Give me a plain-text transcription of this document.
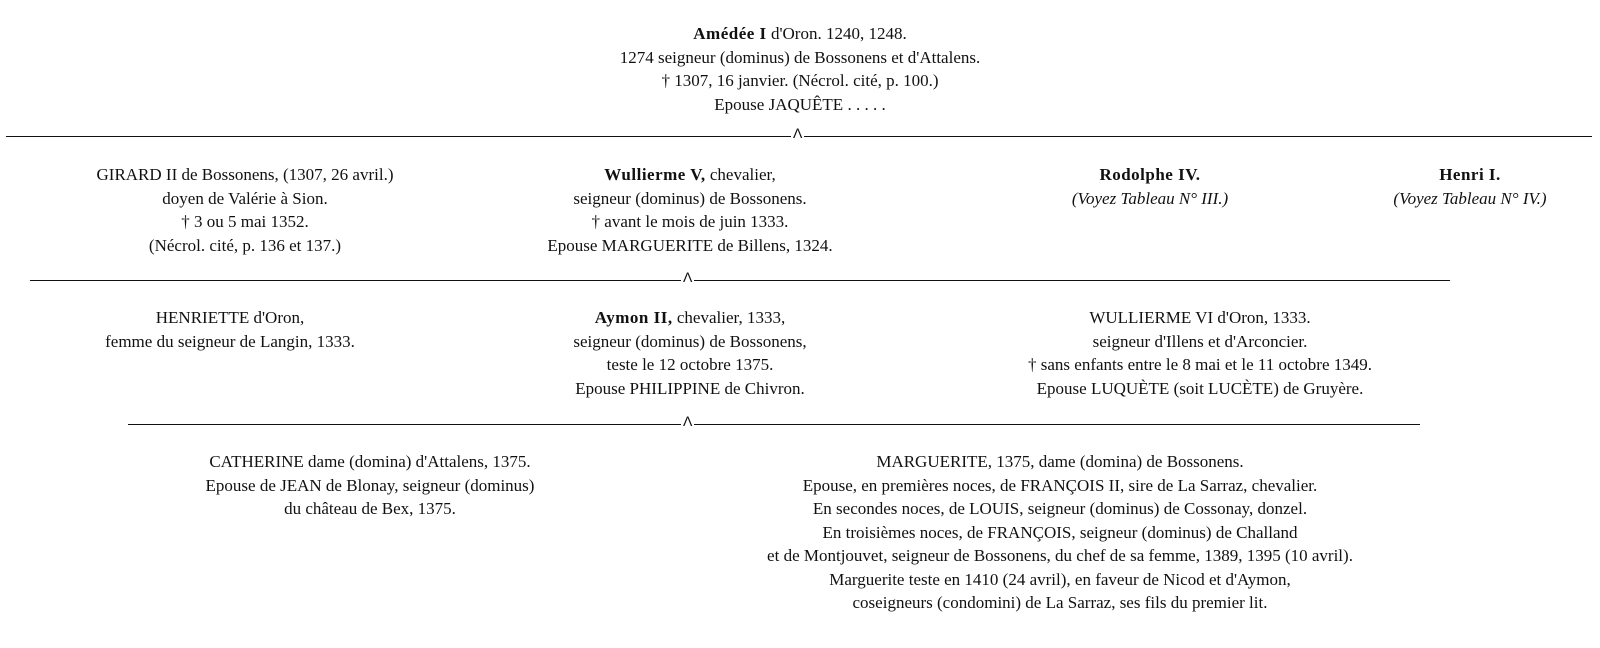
Amédée I d'Oron. 1240, 1248.
1274 seigneur (dominus) de Bossonens et d'Attalens.
† 1307, 16 janvier. (Nécrol. cité, p. 100.)
Epouse JAQUÊTE . . . . .
Λ
GIRARD II de Bossonens, (1307, 26 avril.)
doyen de Valérie à Sion.
† 3 ou 5 mai 1352.
(Nécrol. cité, p. 136 et 137.)
Wullierme V, chevalier,
seigneur (dominus) de Bossonens.
† avant le mois de juin 1333.
Epouse MARGUERITE de Billens, 1324.
Rodolphe IV.
(Voyez Tableau N° III.)
Henri I.
(Voyez Tableau N° IV.)
Λ
HENRIETTE d'Oron,
femme du seigneur de Langin, 1333.
Aymon II, chevalier, 1333,
seigneur (dominus) de Bossonens,
teste le 12 octobre 1375.
Epouse PHILIPPINE de Chivron.
WULLIERME VI d'Oron, 1333.
seigneur d'Illens et d'Arconcier.
† sans enfants entre le 8 mai et le 11 octobre 1349.
Epouse LUQUÈTE (soit LUCÈTE) de Gruyère.
Λ
CATHERINE dame (domina) d'Attalens, 1375.
Epouse de JEAN de Blonay, seigneur (dominus)
du château de Bex, 1375.
MARGUERITE, 1375, dame (domina) de Bossonens.
Epouse, en premières noces, de FRANÇOIS II, sire de La Sarraz, chevalier.
En secondes noces, de LOUIS, seigneur (dominus) de Cossonay, donzel.
En troisièmes noces, de FRANÇOIS, seigneur (dominus) de Challand
et de Montjouvet, seigneur de Bossonens, du chef de sa femme, 1389, 1395 (10 avril).
Marguerite teste en 1410 (24 avril), en faveur de Nicod et d'Aymon,
coseigneurs (condomini) de La Sarraz, ses fils du premier lit.
